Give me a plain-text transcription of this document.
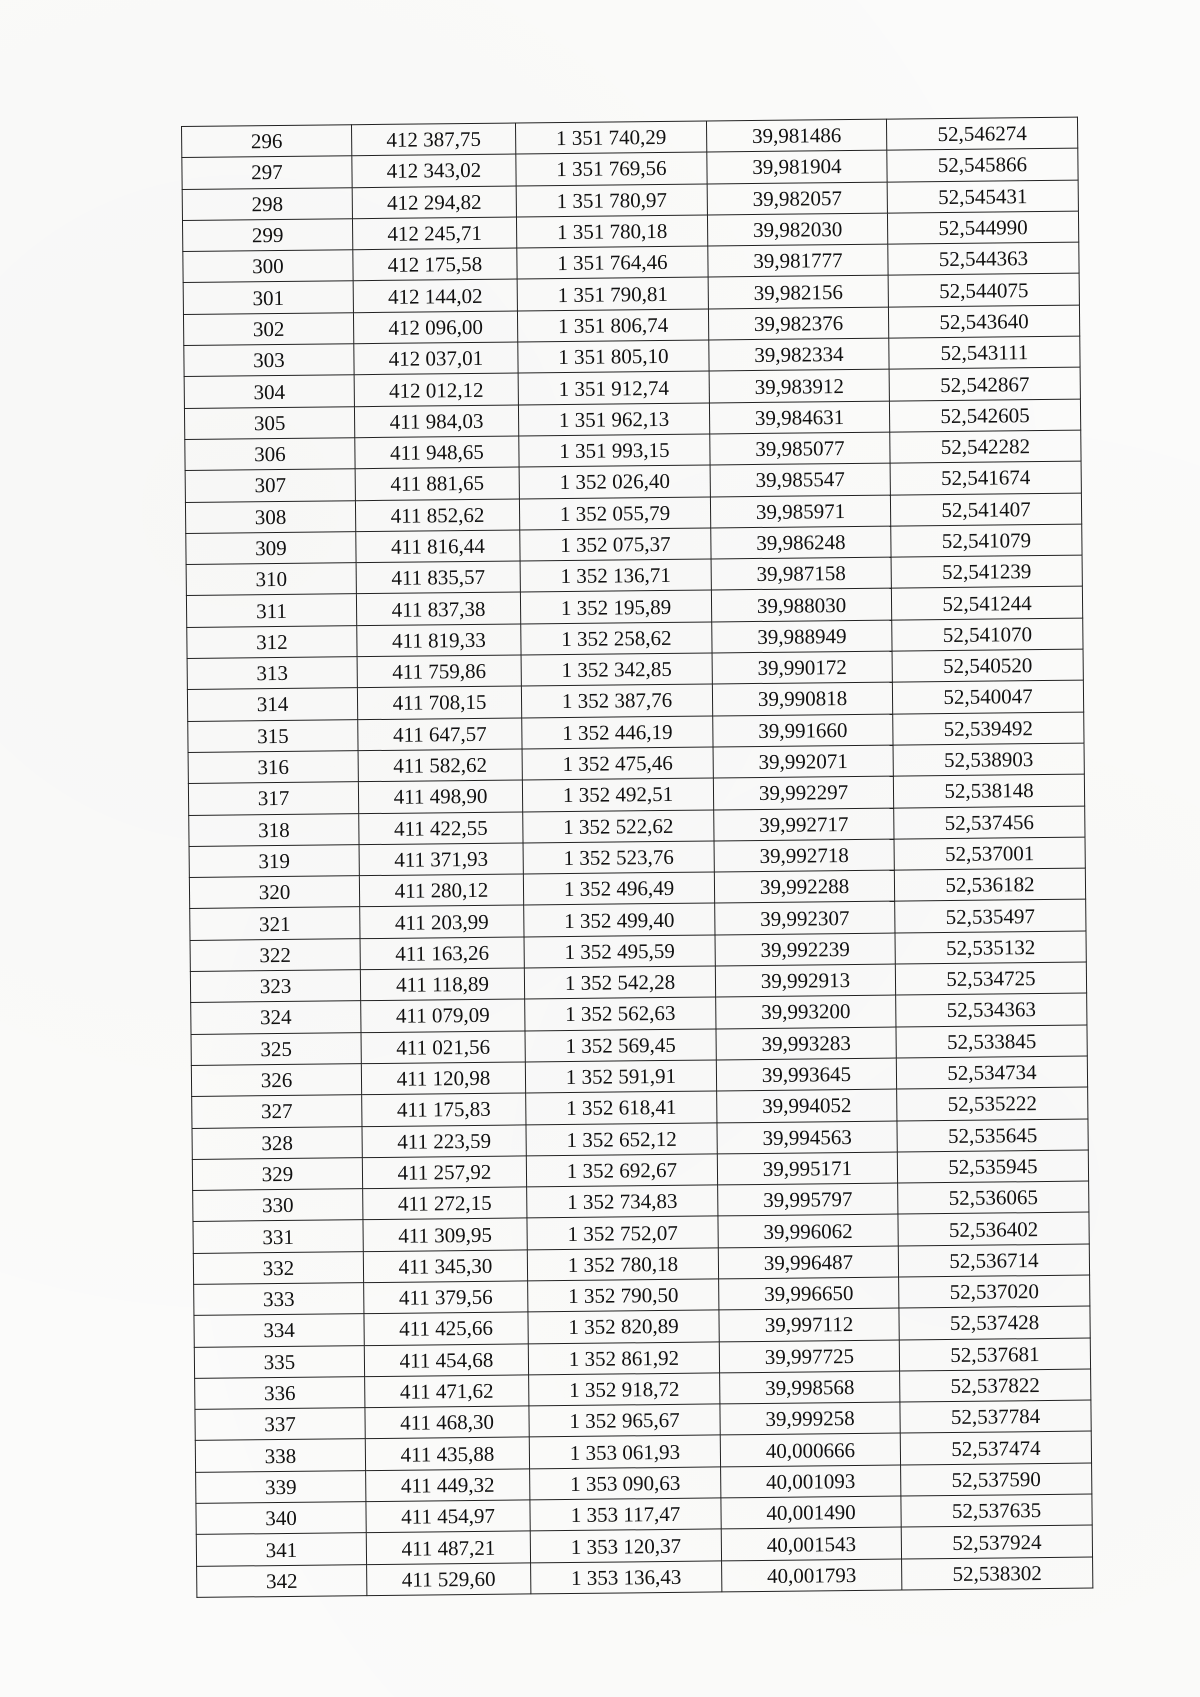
296	412 387,75	1 351 740,29	39,981486	52,546274
297	412 343,02	1 351 769,56	39,981904	52,545866
298	412 294,82	1 351 780,97	39,982057	52,545431
299	412 245,71	1 351 780,18	39,982030	52,544990
300	412 175,58	1 351 764,46	39,981777	52,544363
301	412 144,02	1 351 790,81	39,982156	52,544075
302	412 096,00	1 351 806,74	39,982376	52,543640
303	412 037,01	1 351 805,10	39,982334	52,543111
304	412 012,12	1 351 912,74	39,983912	52,542867
305	411 984,03	1 351 962,13	39,984631	52,542605
306	411 948,65	1 351 993,15	39,985077	52,542282
307	411 881,65	1 352 026,40	39,985547	52,541674
308	411 852,62	1 352 055,79	39,985971	52,541407
309	411 816,44	1 352 075,37	39,986248	52,541079
310	411 835,57	1 352 136,71	39,987158	52,541239
311	411 837,38	1 352 195,89	39,988030	52,541244
312	411 819,33	1 352 258,62	39,988949	52,541070
313	411 759,86	1 352 342,85	39,990172	52,540520
314	411 708,15	1 352 387,76	39,990818	52,540047
315	411 647,57	1 352 446,19	39,991660	52,539492
316	411 582,62	1 352 475,46	39,992071	52,538903
317	411 498,90	1 352 492,51	39,992297	52,538148
318	411 422,55	1 352 522,62	39,992717	52,537456
319	411 371,93	1 352 523,76	39,992718	52,537001
320	411 280,12	1 352 496,49	39,992288	52,536182
321	411 203,99	1 352 499,40	39,992307	52,535497
322	411 163,26	1 352 495,59	39,992239	52,535132
323	411 118,89	1 352 542,28	39,992913	52,534725
324	411 079,09	1 352 562,63	39,993200	52,534363
325	411 021,56	1 352 569,45	39,993283	52,533845
326	411 120,98	1 352 591,91	39,993645	52,534734
327	411 175,83	1 352 618,41	39,994052	52,535222
328	411 223,59	1 352 652,12	39,994563	52,535645
329	411 257,92	1 352 692,67	39,995171	52,535945
330	411 272,15	1 352 734,83	39,995797	52,536065
331	411 309,95	1 352 752,07	39,996062	52,536402
332	411 345,30	1 352 780,18	39,996487	52,536714
333	411 379,56	1 352 790,50	39,996650	52,537020
334	411 425,66	1 352 820,89	39,997112	52,537428
335	411 454,68	1 352 861,92	39,997725	52,537681
336	411 471,62	1 352 918,72	39,998568	52,537822
337	411 468,30	1 352 965,67	39,999258	52,537784
338	411 435,88	1 353 061,93	40,000666	52,537474
339	411 449,32	1 353 090,63	40,001093	52,537590
340	411 454,97	1 353 117,47	40,001490	52,537635
341	411 487,21	1 353 120,37	40,001543	52,537924
342	411 529,60	1 353 136,43	40,001793	52,538302
